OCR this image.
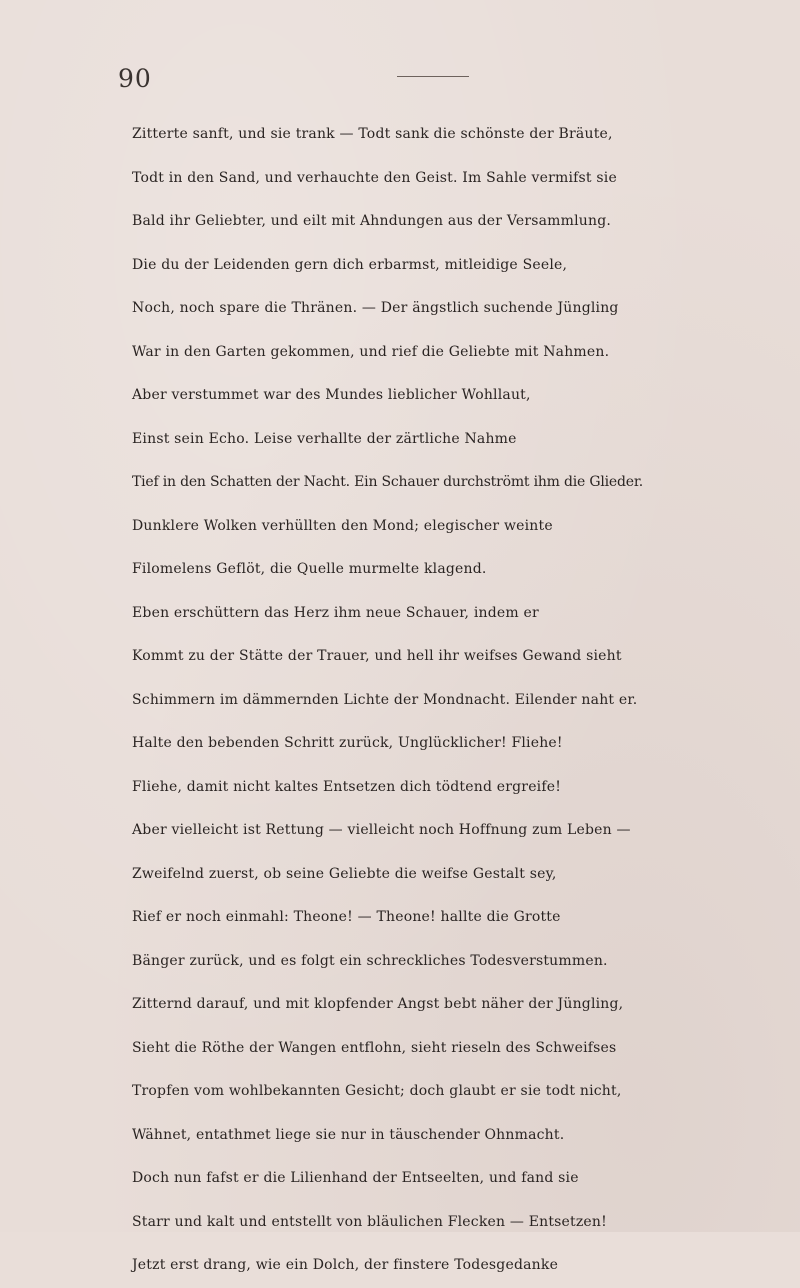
90
Zitterte sanft, und sie trank — Todt sank die schönste der Bräute,
Todt in den Sand, und verhauchte den Geist. Im Sahle vermifst sie
Bald ihr Geliebter, und eilt mit Ahndungen aus der Versammlung.
Die du der Leidenden gern dich erbarmst, mitleidige Seele,
Noch, noch spare die Thränen. — Der ängstlich suchende Jüngling
War in den Garten gekommen, und rief die Geliebte mit Nahmen.
Aber verstummet war des Mundes lieblicher Wohllaut,
Einst sein Echo. Leise verhallte der zärtliche Nahme
Tief in den Schatten der Nacht. Ein Schauer durchströmt ihm die Glieder.
Dunklere Wolken verhüllten den Mond; elegischer weinte
Filomelens Geflöt, die Quelle murmelte klagend.
Eben erschüttern das Herz ihm neue Schauer, indem er
Kommt zu der Stätte der Trauer, und hell ihr weifses Gewand sieht
Schimmern im dämmernden Lichte der Mondnacht. Eilender naht er.
Halte den bebenden Schritt zurück, Unglücklicher! Fliehe!
Fliehe, damit nicht kaltes Entsetzen dich tödtend ergreife!
Aber vielleicht ist Rettung — vielleicht noch Hoffnung zum Leben —
Zweifelnd zuerst, ob seine Geliebte die weifse Gestalt sey,
Rief er noch einmahl: Theone! — Theone! hallte die Grotte
Bänger zurück, und es folgt ein schreckliches Todesverstummen.
Zitternd darauf, und mit klopfender Angst bebt näher der Jüngling,
Sieht die Röthe der Wangen entflohn, sieht rieseln des Schweifses
Tropfen vom wohlbekannten Gesicht; doch glaubt er sie todt nicht,
Wähnet, entathmet liege sie nur in täuschender Ohnmacht.
Doch nun fafst er die Lilienhand der Entseelten, und fand sie
Starr und kalt und entstellt von bläulichen Flecken — Entsetzen!
Jetzt erst drang, wie ein Dolch, der finstere Todesgedanke
